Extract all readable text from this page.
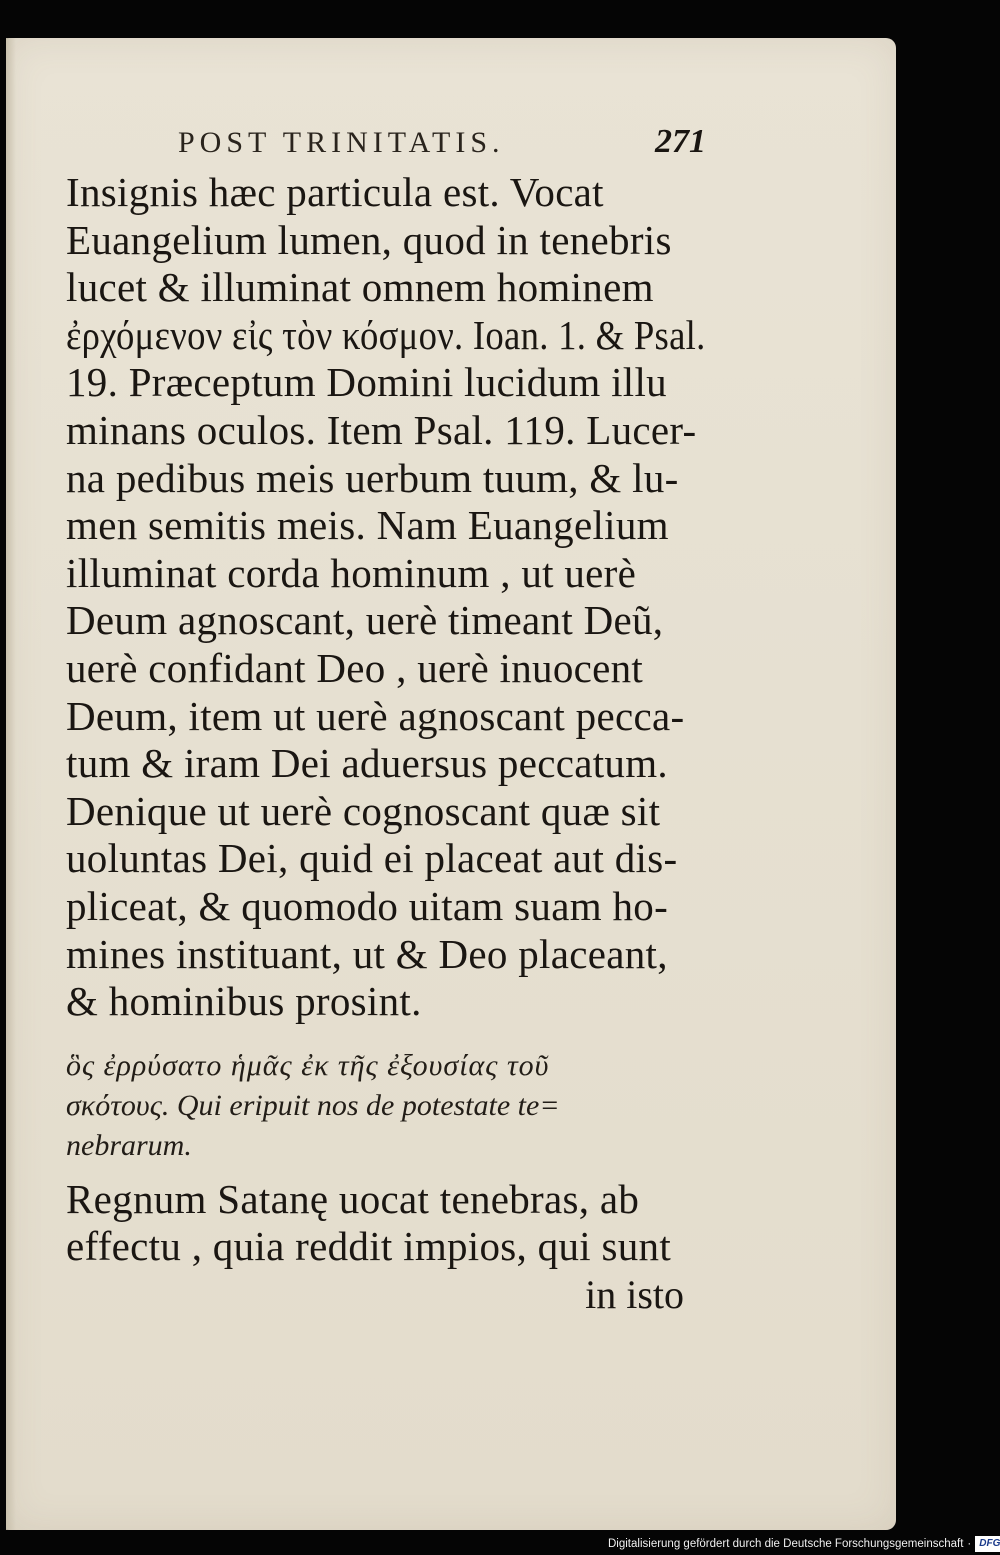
POST TRINITATIS.	271
Insignis hæc particula est. Vocat
Euangelium lumen, quod in tenebris
lucet & illuminat omnem hominem
ἐρχόμενον εἰς τὸν κόσμον. Ioan. 1. & Psal.
19. Præceptum Domini lucidum illu
minans oculos. Item Psal. 119. Lucer-
na pedibus meis uerbum tuum, & lu-
men semitis meis. Nam Euangelium
illuminat corda hominum , ut uerè
Deum agnoscant, uerè timeant Deũ,
uerè confidant Deo , uerè inuocent
Deum, item ut uerè agnoscant pecca-
tum & iram Dei aduersus peccatum.
Denique ut uerè cognoscant quæ sit
uoluntas Dei, quid ei placeat aut dis-
pliceat, & quomodo uitam suam ho-
mines instituant, ut & Deo placeant,
& hominibus prosint.
ὃς ἐρρύσατο ἡμᾶς ἐκ τῆς ἐξουσίας τοῦ
σκότους. Qui eripuit nos de potestate te=
nebrarum.
Regnum Satanę uocat tenebras, ab
effectu , quia reddit impios, qui sunt
in isto
Digitalisierung gefördert durch die Deutsche Forschungsgemeinschaft · DFG
